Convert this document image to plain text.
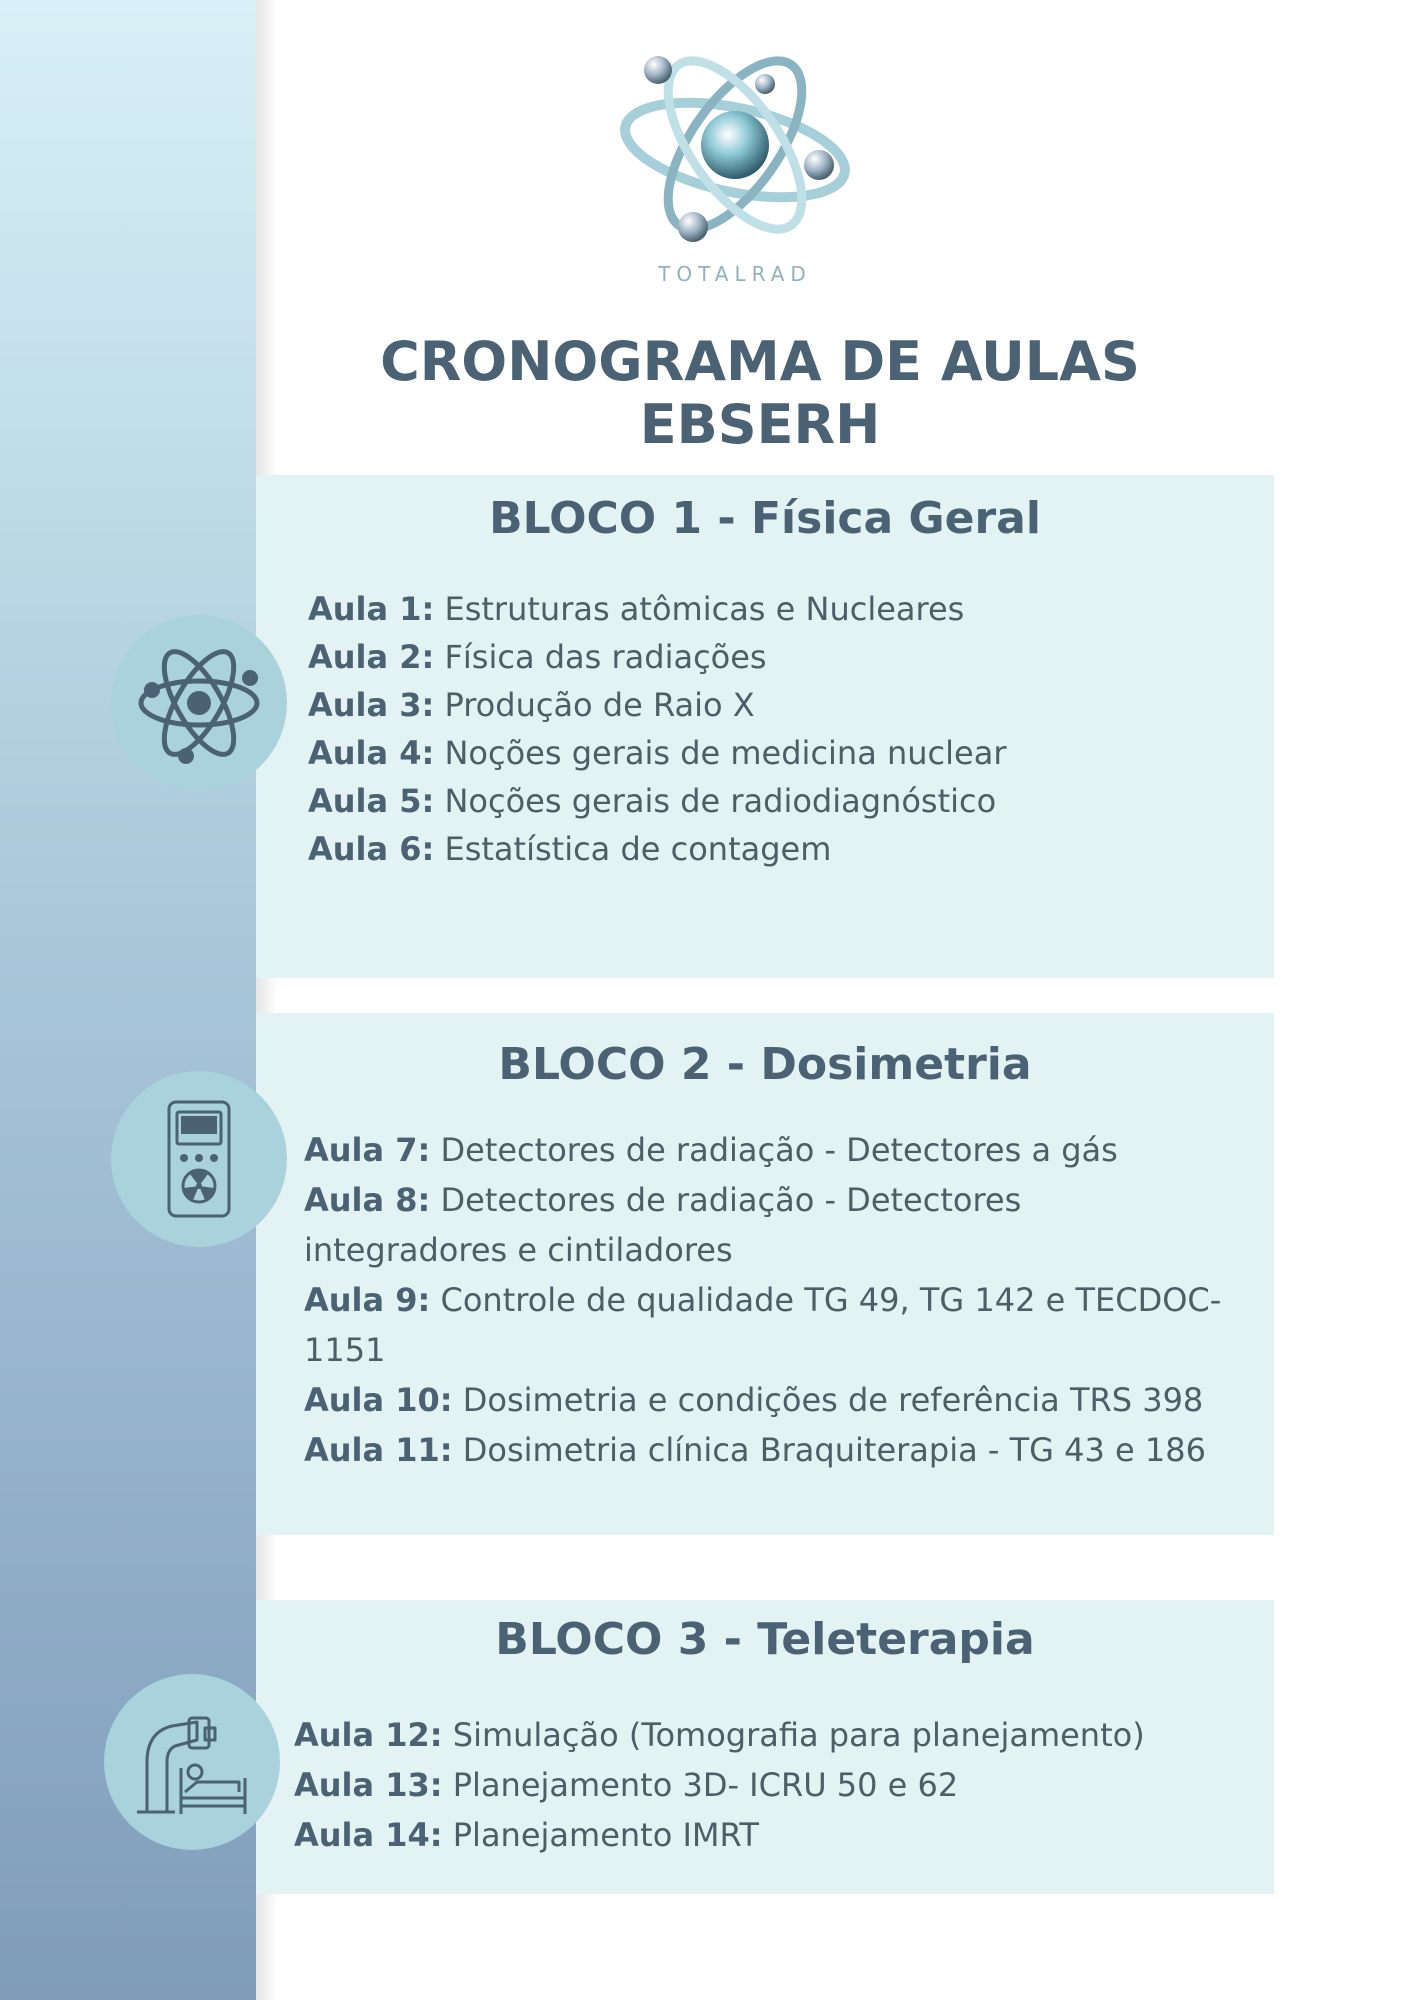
TOTALRAD
CRONOGRAMA DE AULAS EBSERH
BLOCO 1 - Física Geral
Aula 1: Estruturas atômicas e Nucleares
Aula 2: Física das radiações
Aula 3: Produção de Raio X
Aula 4: Noções gerais de medicina nuclear
Aula 5: Noções gerais de radiodiagnóstico
Aula 6: Estatística de contagem
BLOCO 2 - Dosimetria
Aula 7: Detectores de radiação - Detectores a gás
Aula 8: Detectores de radiação - Detectores integradores e cintiladores
Aula 9: Controle de qualidade TG 49, TG 142 e TECDOC-1151
Aula 10: Dosimetria e condições de referência TRS 398
Aula 11: Dosimetria clínica Braquiterapia - TG 43 e 186
BLOCO 3 - Teleterapia
Aula 12: Simulação (Tomografia para planejamento)
Aula 13: Planejamento 3D- ICRU 50 e 62
Aula 14: Planejamento IMRT
